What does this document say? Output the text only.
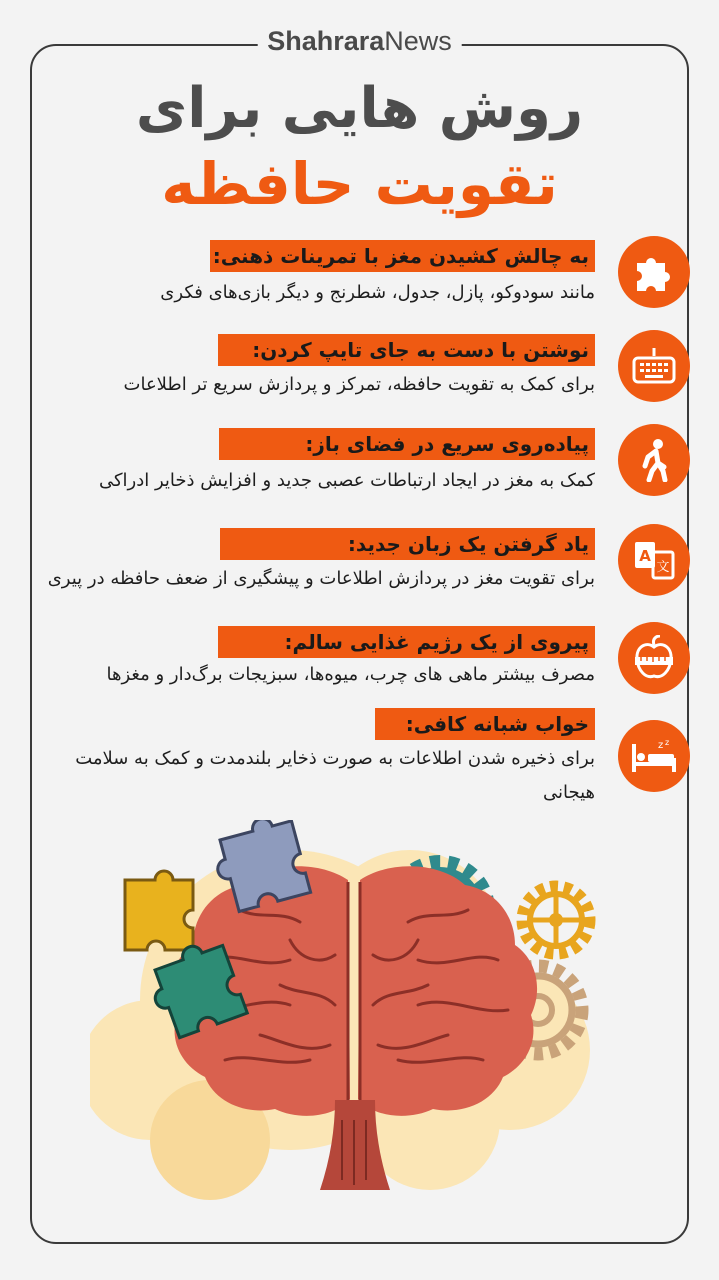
ShahraraNews
روش هایی برای
تقویت حافظه
به چالش کشیدن مغز با تمرینات ذهنی:
مانند سودوکو، پازل، جدول، شطرنج و دیگر بازی‌های فکری
نوشتن با دست به جای تایپ کردن:
برای کمک به تقویت حافظه، تمرکز و پردازش سریع تر اطلاعات
پیاده‌روی سریع در فضای باز:
کمک به مغز در ایجاد ارتباطات عصبی جدید و افزایش ذخایر ادراکی
یاد گرفتن یک زبان جدید:
برای تقویت مغز در پردازش اطلاعات و پیشگیری از ضعف حافظه در پیری
A
文
پیروی از یک رژیم غذایی سالم:
مصرف بیشتر ماهی های چرب، میوه‌ها، سبزیجات برگ‌دار و مغزها
خواب شبانه کافی:
برای ذخیره شدن اطلاعات به صورت ذخایر بلندمدت و کمک به سلامت هیجانی
z z
